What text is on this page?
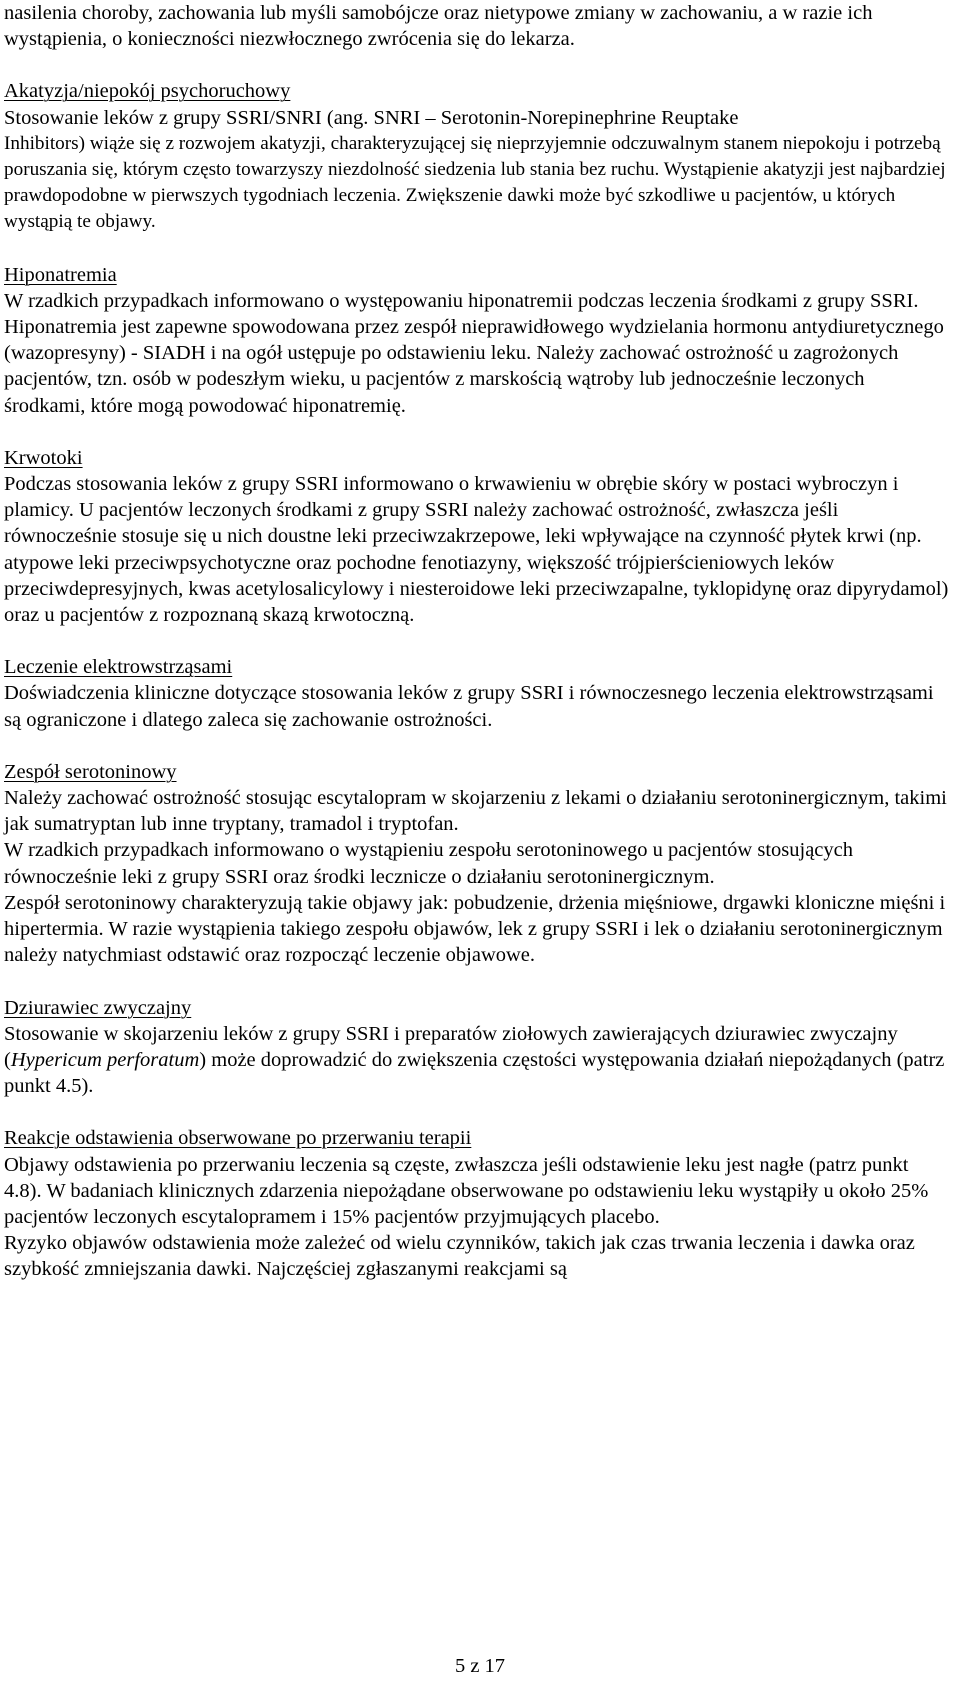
nasilenia choroby, zachowania lub myśli samobójcze oraz nietypowe zmiany w zachowaniu, a w razie ich wystąpienia, o konieczności niezwłocznego zwrócenia się do lekarza.

Akatyzja/niepokój psychoruchowy

Stosowanie leków z grupy SSRI/SNRI (ang. SNRI – Serotonin-Norepinephrine Reuptake

Inhibitors) wiąże się z rozwojem akatyzji, charakteryzującej się nieprzyjemnie odczuwalnym stanem niepokoju i potrzebą poruszania się, którym często towarzyszy niezdolność siedzenia lub stania bez ruchu. Wystąpienie akatyzji jest najbardziej prawdopodobne w pierwszych tygodniach leczenia. Zwiększenie dawki może być szkodliwe u pacjentów, u których wystąpią te objawy.

Hiponatremia

W rzadkich przypadkach informowano o występowaniu hiponatremii podczas leczenia środkami z grupy SSRI. Hiponatremia jest zapewne spowodowana przez zespół nieprawidłowego wydzielania hormonu antydiuretycznego (wazopresyny) - SIADH i na ogół ustępuje po odstawieniu leku. Należy zachować ostrożność u zagrożonych pacjentów, tzn. osób w podeszłym wieku, u pacjentów z marskością wątroby lub jednocześnie leczonych środkami, które mogą powodować hiponatremię.

Krwotoki

Podczas stosowania leków z grupy SSRI informowano o krwawieniu w obrębie skóry w postaci wybroczyn i plamicy. U pacjentów leczonych środkami z grupy SSRI należy zachować ostrożność, zwłaszcza jeśli równocześnie stosuje się u nich doustne leki przeciwzakrzepowe, leki wpływające na czynność płytek krwi (np. atypowe leki przeciwpsychotyczne oraz pochodne fenotiazyny, większość trójpierścieniowych leków przeciwdepresyjnych, kwas acetylosalicylowy i niesteroidowe leki przeciwzapalne, tyklopidynę oraz dipyrydamol) oraz u pacjentów z rozpoznaną skazą krwotoczną.

Leczenie elektrowstrząsami

Doświadczenia kliniczne dotyczące stosowania leków z grupy SSRI i równoczesnego leczenia elektrowstrząsami są ograniczone i dlatego zaleca się zachowanie ostrożności.

Zespół serotoninowy

Należy zachować ostrożność stosując escytalopram w skojarzeniu z lekami o działaniu serotoninergicznym, takimi jak sumatryptan lub inne tryptany, tramadol i tryptofan.

W rzadkich przypadkach informowano o wystąpieniu zespołu serotoninowego u pacjentów stosujących równocześnie leki z grupy SSRI oraz środki lecznicze o działaniu serotoninergicznym.

Zespół serotoninowy charakteryzują takie objawy jak: pobudzenie, drżenia mięśniowe, drgawki kloniczne mięśni i hipertermia. W razie wystąpienia takiego zespołu objawów, lek z grupy SSRI i lek o działaniu serotoninergicznym należy natychmiast odstawić oraz rozpocząć leczenie objawowe.

Dziurawiec zwyczajny

Stosowanie w skojarzeniu leków z grupy SSRI i preparatów ziołowych zawierających dziurawiec zwyczajny (Hypericum perforatum) może doprowadzić do zwiększenia częstości występowania działań niepożądanych (patrz punkt 4.5).

Reakcje odstawienia obserwowane po przerwaniu terapii

Objawy odstawienia po przerwaniu leczenia są częste, zwłaszcza jeśli odstawienie leku jest nagłe (patrz punkt 4.8). W badaniach klinicznych zdarzenia niepożądane obserwowane po odstawieniu leku wystąpiły u około 25% pacjentów leczonych escytalopramem i 15% pacjentów przyjmujących placebo.

Ryzyko objawów odstawienia może zależeć od wielu czynników, takich jak czas trwania leczenia i dawka oraz szybkość zmniejszania dawki. Najczęściej zgłaszanymi reakcjami są

5 z 17
